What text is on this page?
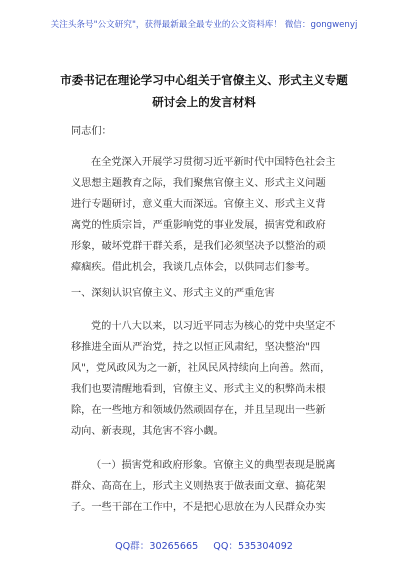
关注头条号"公文研究"，获得最新最全最专业的公文资料库！ 微信：gongwenyj
市委书记在理论学习中心组关于官僚主义、形式主义专题
研讨会上的发言材料
同志们：
在全党深入开展学习贯彻习近平新时代中国特色社会主
义思想主题教育之际，我们聚焦官僚主义、形式主义问题
进行专题研讨，意义重大而深远。官僚主义、形式主义背
离党的性质宗旨，严重影响党的事业发展，损害党和政府
形象，破坏党群干群关系，是我们必须坚决予以整治的顽
瘴痼疾。借此机会，我谈几点体会，以供同志们参考。
一、深刻认识官僚主义、形式主义的严重危害
党的十八大以来，以习近平同志为核心的党中央坚定不
移推进全面从严治党，持之以恒正风肃纪，坚决整治"四
风"，党风政风为之一新，社风民风持续向上向善。然而，
我们也要清醒地看到，官僚主义、形式主义的积弊尚未根
除，在一些地方和领域仍然顽固存在，并且呈现出一些新
动向、新表现，其危害不容小觑。
（一）损害党和政府形象。官僚主义的典型表现是脱离
群众、高高在上，形式主义则热衷于做表面文章、搞花架
子。一些干部在工作中，不是把心思放在为人民群众办实
QQ群：30265665 QQ：535304092
